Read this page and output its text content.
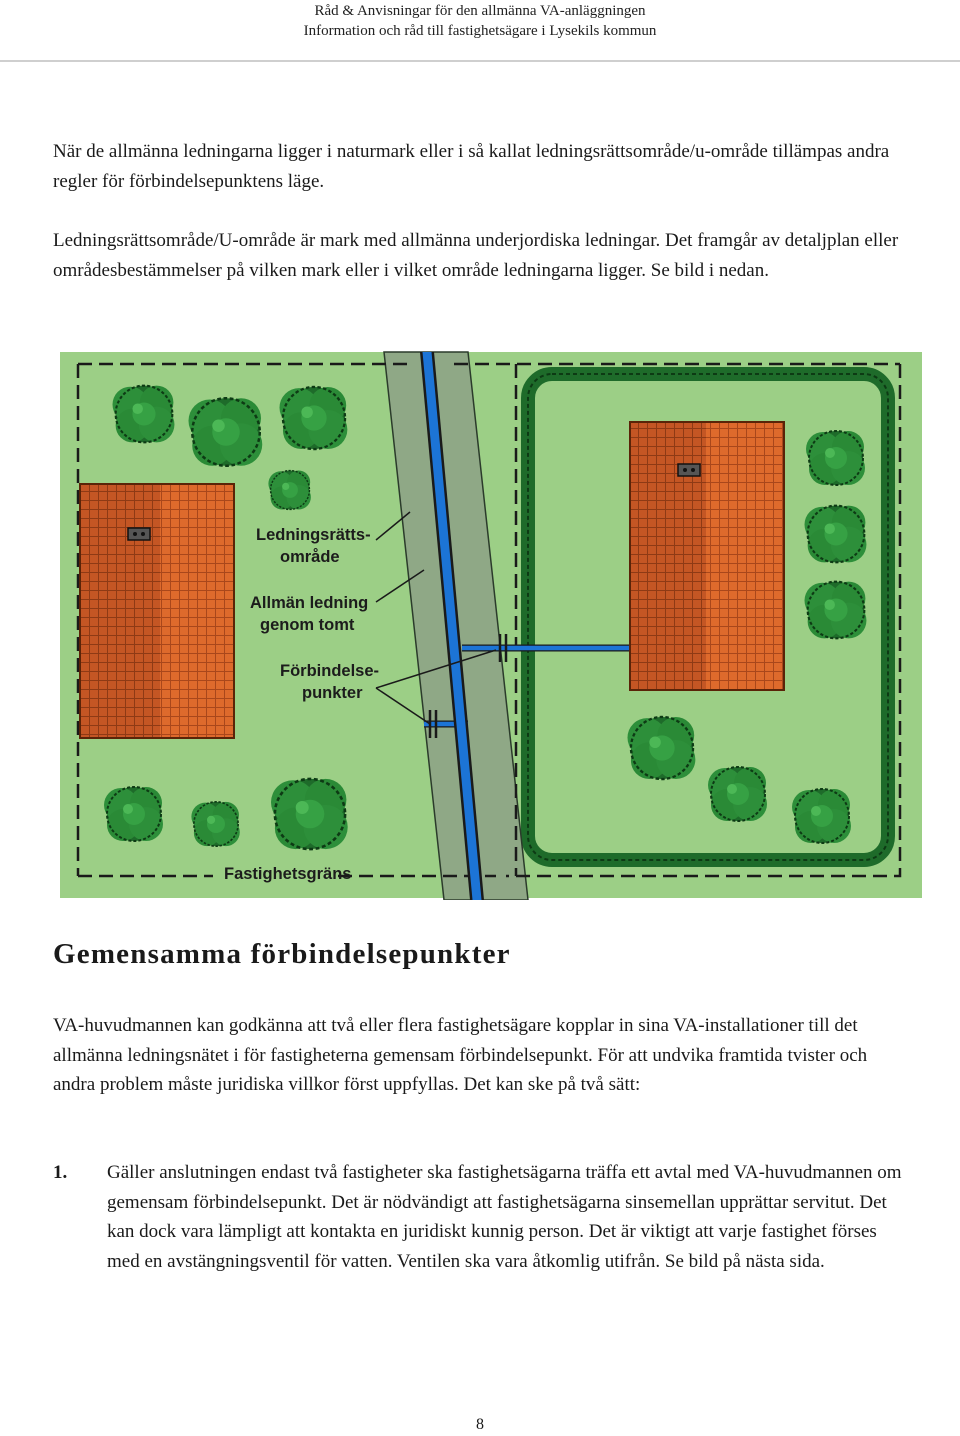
Råd & Anvisningar för den allmänna VA-anläggningen
Information och råd till fastighetsägare i Lysekils kommun

När de allmänna ledningarna ligger i naturmark eller i så kallat ledningsrättsområde/u-område tillämpas andra regler för förbindelsepunktens läge.

Ledningsrättsområde/U-område är mark med allmänna underjordiska ledningar. Det framgår av detaljplan eller områdesbestämmelser på vilken mark eller i vilket område ledningarna ligger. Se bild i nedan.

Ledningsrätts-
område
Allmän ledning
genom tomt
Förbindelse-
punkter
Fastighetsgräns
Gemensamma förbindelsepunkter

VA-huvudmannen kan godkänna att två eller flera fastighetsägare kopplar in sina VA-installationer till det allmänna ledningsnätet i för fastigheterna gemensam förbindelsepunkt. För att undvika framtida tvister och andra problem måste juridiska villkor först uppfyllas. Det kan ske på två sätt:

1. Gäller anslutningen endast två fastigheter ska fastighetsägarna träffa ett avtal med VA-huvudmannen om gemensam förbindelsepunkt. Det är nödvändigt att fastighetsägarna sinsemellan upprättar servitut. Det kan dock vara lämpligt att kontakta en juridiskt kunnig person. Det är viktigt att varje fastighet förses med en avstängningsventil för vatten. Ventilen ska vara åtkomlig utifrån. Se bild på nästa sida.

8
